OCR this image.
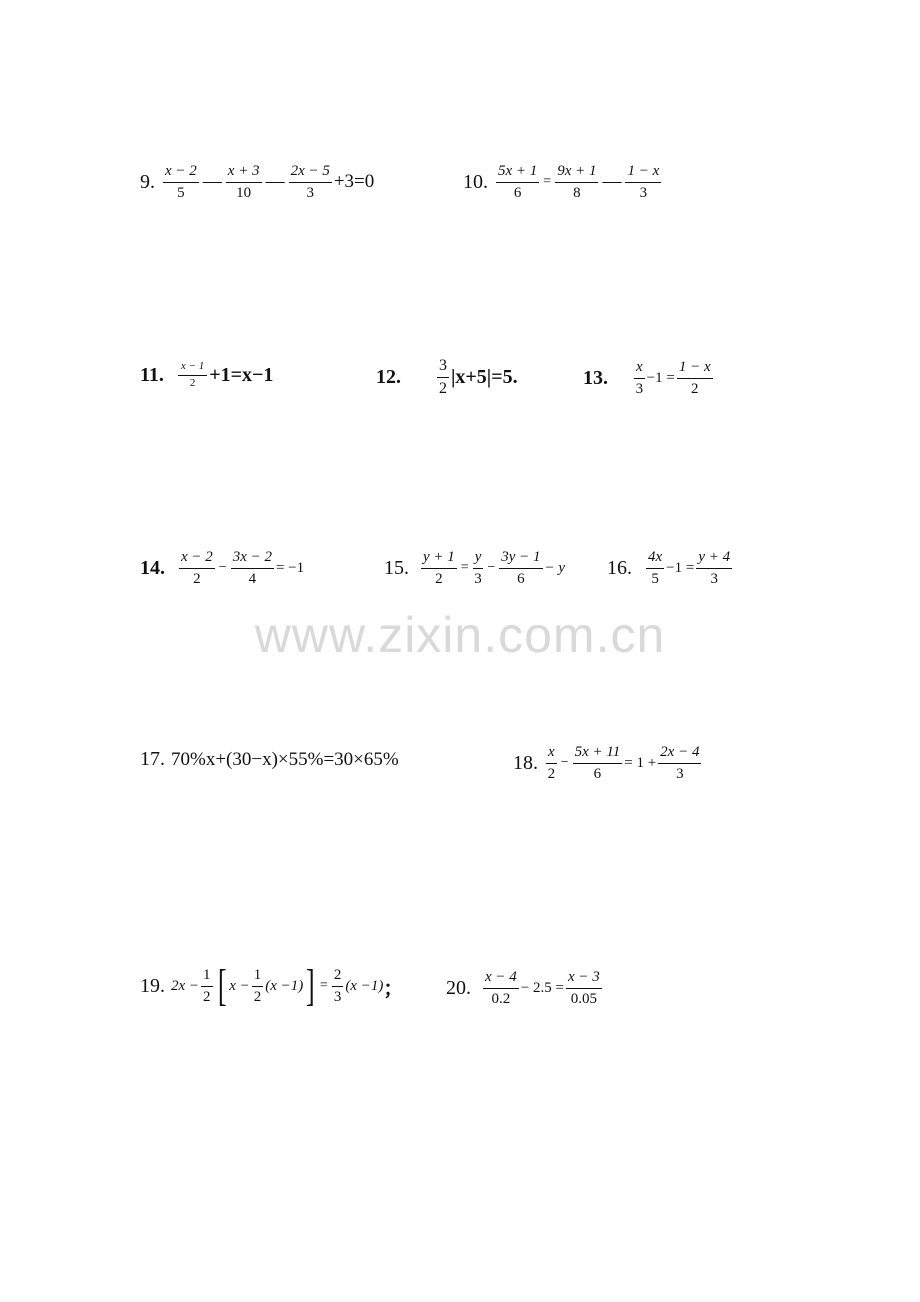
9. $\frac{x - 2}{5}$ — $\frac{x + 3}{10}$ — $\frac{2x - 5}{3} +3=0$	10. $\frac{5x + 1}{6} = \frac{9x + 1}{8}$ — $\frac{1 - x}{3}$
11. $\frac{x - 1}{2} +1=x-1$	12. $\frac{3}{2} |x+5|=5$.	13. $\frac{x}{3} -1 = \frac{1 - x}{2}$
14. $\frac{x - 2}{2} - \frac{3x - 2}{4} = -1$	15. $\frac{y + 1}{2} = \frac{y}{3} - \frac{3y - 1}{6} - y$ 16. $\frac{4x}{5} -1 = \frac{y + 4}{3}$
www.zixin.com.cn
17. 70%x+(30−x)×55%=30×65%	18. $\frac{x}{2} - \frac{5x + 11}{6} = 1 + \frac{2x - 4}{3}$
19. $2x - \frac{1}{2}$ [ $x - \frac{1}{2} (x -1)$ ] = $\frac{2}{3} (x -1)$ ； 20. $\frac{x - 4}{0.2} - 2.5 = \frac{x - 3}{0.05}$
